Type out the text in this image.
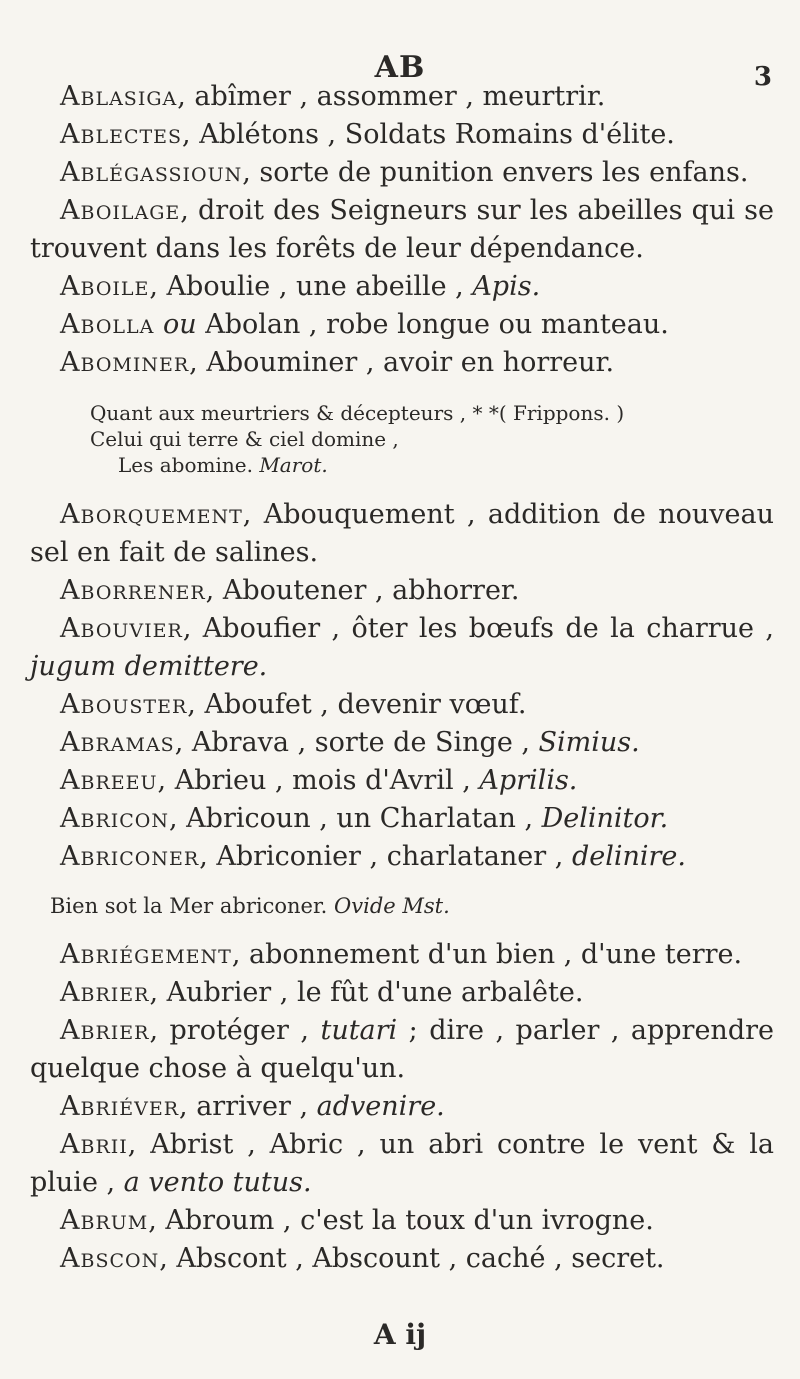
AB	3

Ablasiga, abîmer , assommer , meurtrir.

Ablectes, Ablétons , Soldats Romains d'élite.

Ablégassioun, sorte de punition envers les enfans.

Aboilage, droit des Seigneurs sur les abeilles qui se trouvent dans les forêts de leur dépendance.

Aboile, Aboulie , une abeille , Apis.

Abolla ou Abolan , robe longue ou manteau.

Abominer, Abouminer , avoir en horreur.

Quant aux meurtriers & décepteurs , * *( Frippons. )
Celui qui terre & ciel domine ,
Les abomine. Marot.

Aborquement, Abouquement , addition de nouveau sel en fait de salines.

Aborrener, Aboutener , abhorrer.

Abouvier, Aboufier , ôter les bœufs de la charrue , jugum demittere.

Abouster, Aboufet , devenir vœuf.

Abramas, Abrava , sorte de Singe , Simius.

Abreeu, Abrieu , mois d'Avril , Aprilis.

Abricon, Abricoun , un Charlatan , Delinitor.

Abriconer, Abriconier , charlataner , delinire.

Bien sot la Mer abriconer. Ovide Mst.

Abriégement, abonnement d'un bien , d'une terre.

Abrier, Aubrier , le fût d'une arbalête.

Abrier, protéger , tutari ; dire , parler , apprendre quelque chose à quelqu'un.

Abriéver, arriver , advenire.

Abrii, Abrist , Abric , un abri contre le vent & la pluie , a vento tutus.

Abrum, Abroum , c'est la toux d'un ivrogne.

Abscon, Abscont , Abscount , caché , secret.

A ij
